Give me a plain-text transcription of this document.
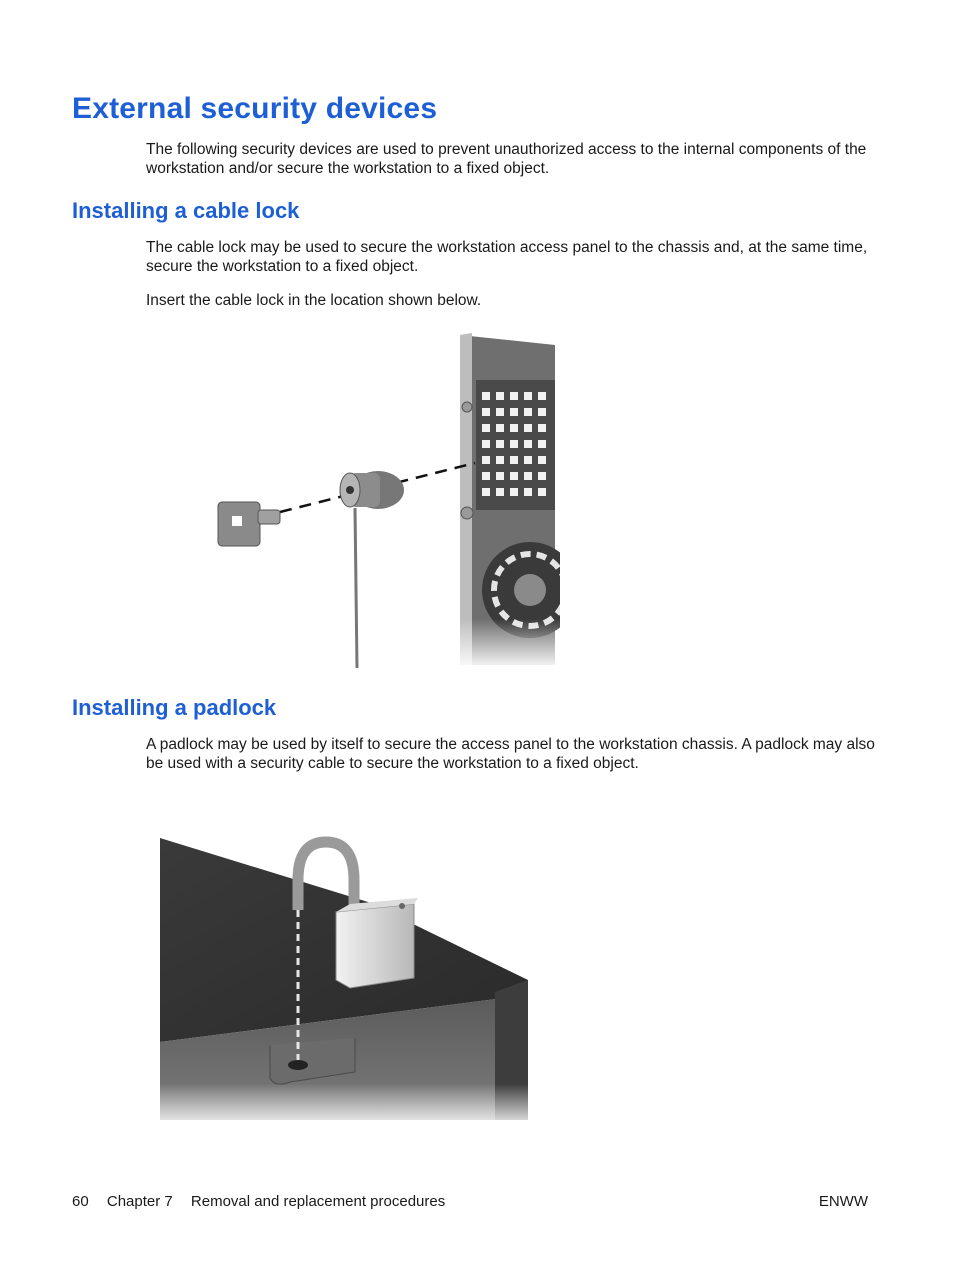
External security devices

The following security devices are used to prevent unauthorized access to the internal components of the workstation and/or secure the workstation to a fixed object.

Installing a cable lock

The cable lock may be used to secure the workstation access panel to the chassis and, at the same time, secure the workstation to a fixed object.

Insert the cable lock in the location shown below.

Installing a padlock

A padlock may be used by itself to secure the access panel to the workstation chassis. A padlock may also be used with a security cable to secure the workstation to a fixed object.

60 Chapter 7 Removal and replacement procedures	ENWW
